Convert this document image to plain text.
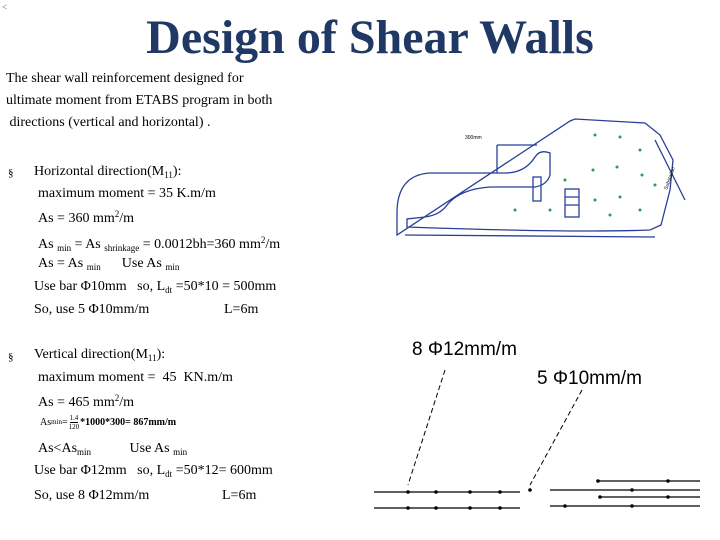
<
Design of Shear Walls
The shear wall reinforcement designed for
ultimate moment from ETABS program in both
directions (vertical and horizontal) .
§ Horizontal $direction(M_{11})$:
maximum moment = 35 K.m/m
As = 360 $mm^2/m$
As $_{min}$ = As $_{shrinkage}$ = 0.0012bh=360 $mm^2/m$
As = As $_{min}$      Use As $_{min}$
Use bar Φ10mm   so, $L_{dt} =50*10 = 500mm$
So, use 5 Φ10mm/m	L=6m
§ Vertical $direction(M_{11})$:
maximum moment =  45  KN.m/m
As = 465 $mm^2/m$
As $\min = \frac{1.4}{120} *1000*300= 867mm/m$
$As<As_{min}$           Use As $_{min}$
Use bar Φ12mm   so, $L_{dt} =50*12= 600mm$
So, use 8 Φ12mm/m	L=6m
300mm
Substation
8 Φ12mm/m
5 Φ10mm/m
